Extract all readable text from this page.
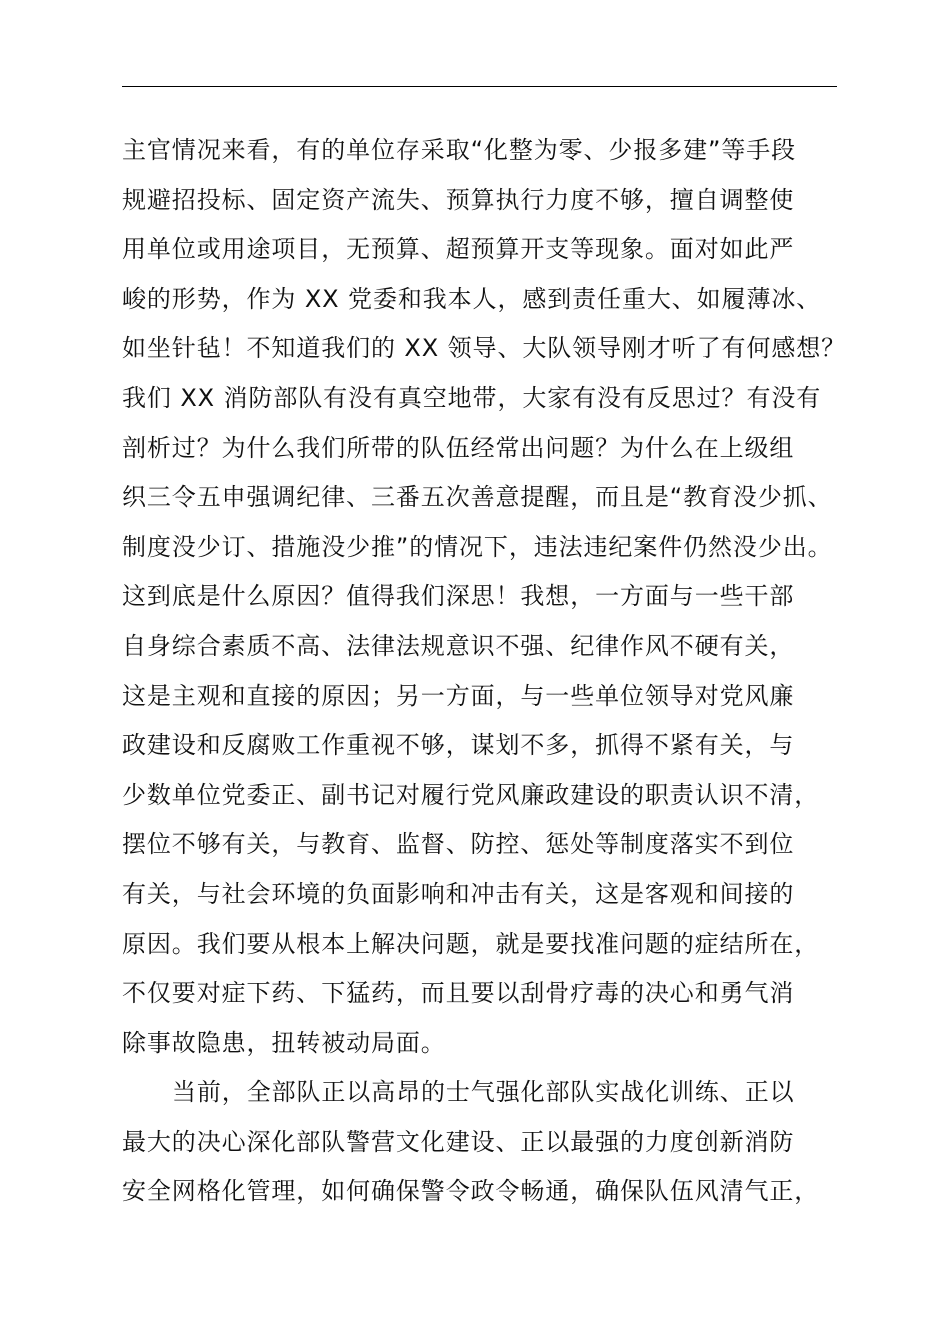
主官情况来看，有的单位存采取“化整为零、少报多建”等手段
规避招投标、固定资产流失、预算执行力度不够，擅自调整使
用单位或用途项目，无预算、超预算开支等现象。面对如此严
峻的形势，作为 XX 党委和我本人，感到责任重大、如履薄冰、
如坐针毡！不知道我们的 XX 领导、大队领导刚才听了有何感想？
我们 XX 消防部队有没有真空地带，大家有没有反思过？有没有
剖析过？为什么我们所带的队伍经常出问题？为什么在上级组
织三令五申强调纪律、三番五次善意提醒，而且是“教育没少抓、
制度没少订、措施没少推”的情况下，违法违纪案件仍然没少出。
这到底是什么原因？值得我们深思！我想，一方面与一些干部
自身综合素质不高、法律法规意识不强、纪律作风不硬有关，
这是主观和直接的原因；另一方面，与一些单位领导对党风廉
政建设和反腐败工作重视不够，谋划不多，抓得不紧有关，与
少数单位党委正、副书记对履行党风廉政建设的职责认识不清，
摆位不够有关，与教育、监督、防控、惩处等制度落实不到位
有关，与社会环境的负面影响和冲击有关，这是客观和间接的
原因。我们要从根本上解决问题，就是要找准问题的症结所在，
不仅要对症下药、下猛药，而且要以刮骨疗毒的决心和勇气消
除事故隐患，扭转被动局面。
当前，全部队正以高昂的士气强化部队实战化训练、正以
最大的决心深化部队警营文化建设、正以最强的力度创新消防
安全网格化管理，如何确保警令政令畅通，确保队伍风清气正，
